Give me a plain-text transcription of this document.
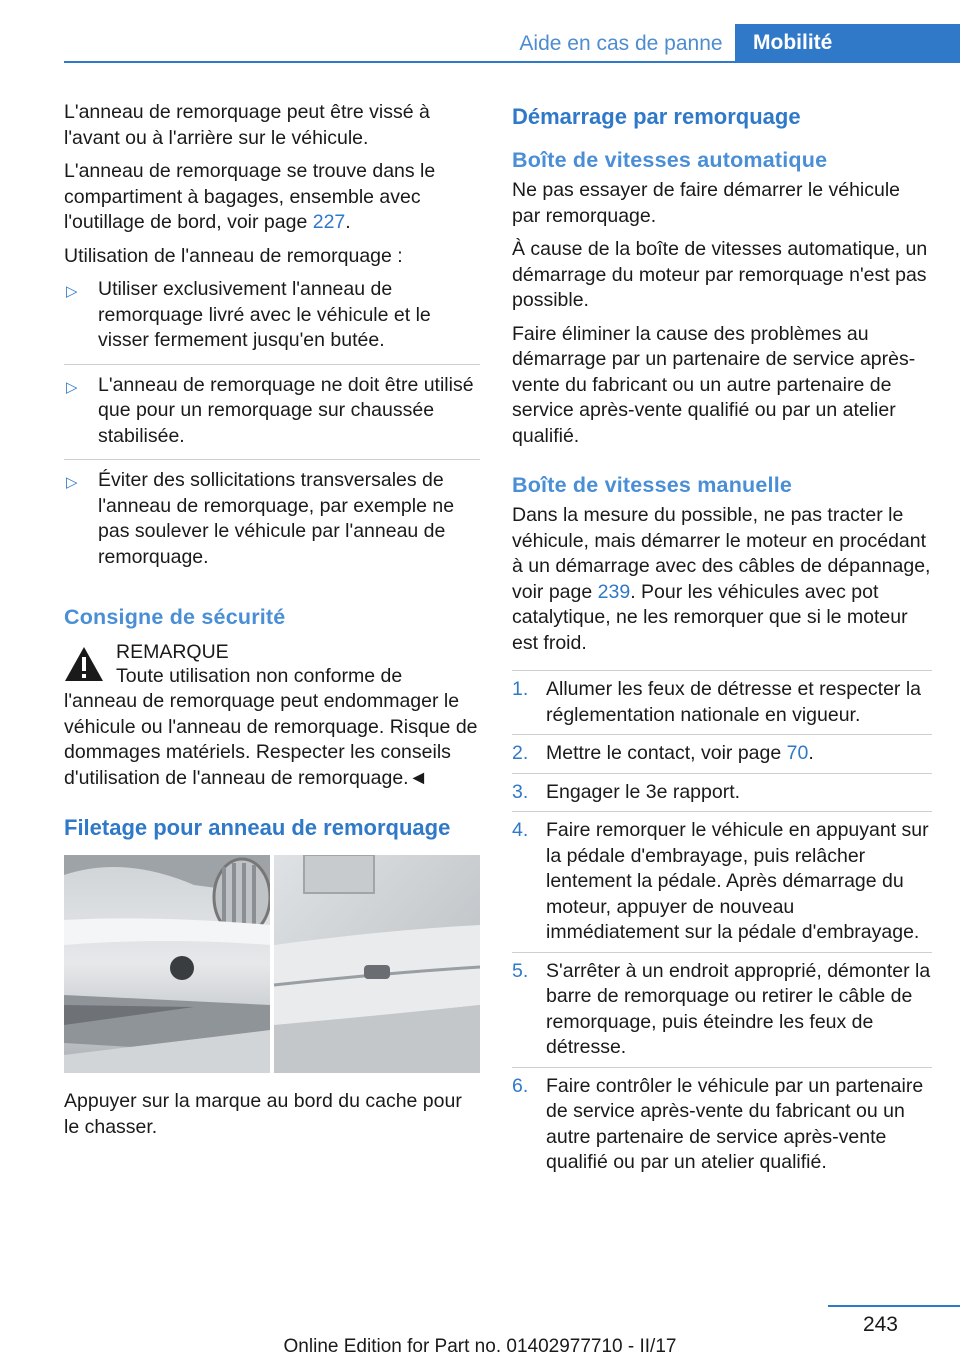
Aide en cas de panne	Mobilité

L'anneau de remorquage peut être vissé à l'avant ou à l'arrière sur le véhicule.

L'anneau de remorquage se trouve dans le compartiment à bagages, ensemble avec l'outillage de bord, voir page 227.

Utilisation de l'anneau de remorquage :

▷ Utiliser exclusivement l'anneau de remorquage livré avec le véhicule et le visser fermement jusqu'en butée.
▷ L'anneau de remorquage ne doit être utilisé que pour un remorquage sur chaussée stabilisée.
▷ Éviter des sollicitations transversales de l'anneau de remorquage, par exemple ne pas soulever le véhicule par l'anneau de remorquage.
Consigne de sécurité
REMARQUE

Toute utilisation non conforme de l'anneau de remorquage peut endommager le véhicule ou l'anneau de remorquage. Risque de dommages matériels. Respecter les conseils d'utilisation de l'anneau de remorquage.◄

Filetage pour anneau de remorquage

Appuyer sur la marque au bord du cache pour le chasser.

Démarrage par remorquage
Boîte de vitesses automatique

Ne pas essayer de faire démarrer le véhicule par remorquage.

À cause de la boîte de vitesses automatique, un démarrage du moteur par remorquage n'est pas possible.

Faire éliminer la cause des problèmes au démarrage par un partenaire de service après-vente du fabricant ou un autre partenaire de service après-vente qualifié ou par un atelier qualifié.

Boîte de vitesses manuelle

Dans la mesure du possible, ne pas tracter le véhicule, mais démarrer le moteur en procédant à un démarrage avec des câbles de dépannage, voir page 239. Pour les véhicules avec pot catalytique, ne les remorquer que si le moteur est froid.

1. Allumer les feux de détresse et respecter la réglementation nationale en vigueur.
2. Mettre le contact, voir page 70.
3. Engager le 3e rapport.
4. Faire remorquer le véhicule en appuyant sur la pédale d'embrayage, puis relâcher lentement la pédale. Après démarrage du moteur, appuyer de nouveau immédiatement sur la pédale d'embrayage.
5. S'arrêter à un endroit approprié, démonter la barre de remorquage ou retirer le câble de remorquage, puis éteindre les feux de détresse.
6. Faire contrôler le véhicule par un partenaire de service après-vente du fabricant ou un autre partenaire de service après-vente qualifié ou par un atelier qualifié.
243
Online Edition for Part no. 01402977710 - II/17
